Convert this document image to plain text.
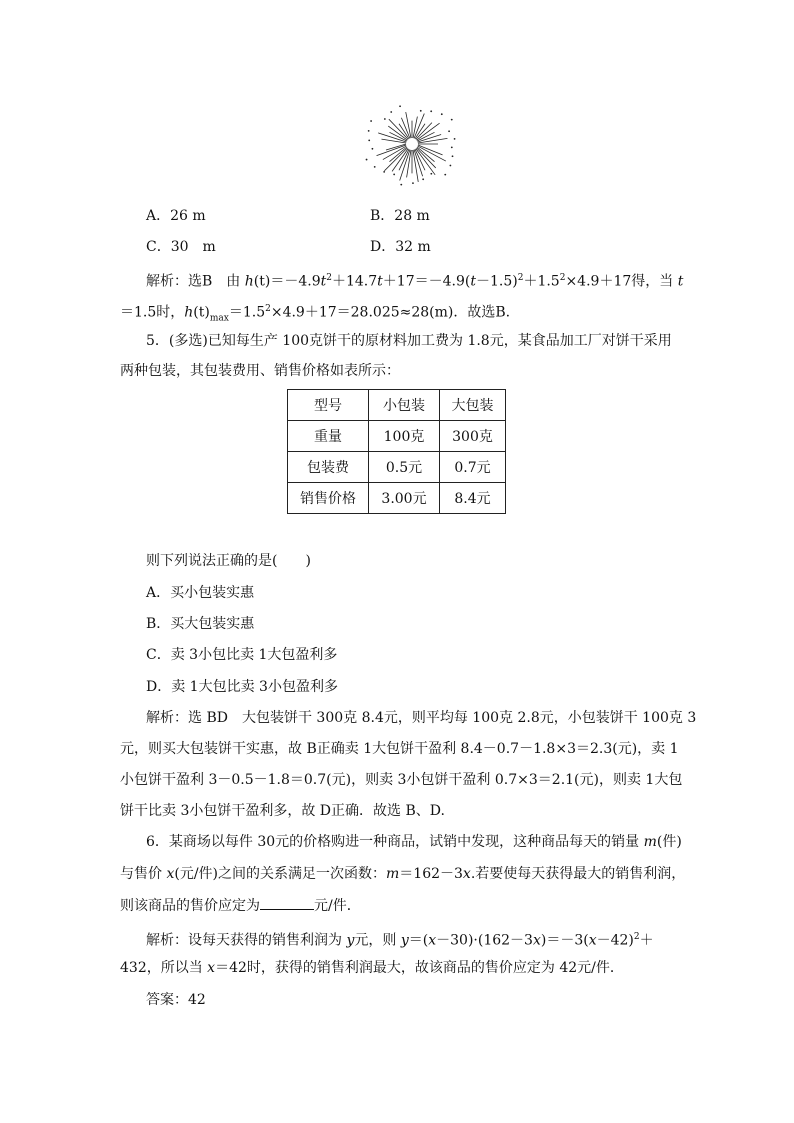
A．26 m	B．28 m
C．30　m	D．32 m
解析：选B　由 $h(t)=-4.9t^2+14.7t+17=-4.9(t-1.5)^2+1.5^2\times 4.9+17$得，当 t
＝1.5时，$h(t)_{max}=1.5^2\times 4.9+17=28.025\approx 28(m)$．故选B.
5．(多选)已知每生产 100克饼干的原材料加工费为 1.8元，某食品加工厂对饼干采用
两种包装，其包装费用、销售价格如表所示：
型号	小包装	大包装
重量	100克	300克
包装费	0.5元	0.7元
销售价格	3.00元	8.4元
则下列说法正确的是(　　)
A．买小包装实惠
B．买大包装实惠
C．卖 3小包比卖 1大包盈利多
D．卖 1大包比卖 3小包盈利多
解析：选 BD　大包装饼干 300克 8.4元，则平均每 100克 2.8元，小包装饼干 100克 3
元，则买大包装饼干实惠，故 B正确卖 1大包饼干盈利 8.4－0.7－1.8×3＝2.3(元)，卖 1
小包饼干盈利 3－0.5－1.8＝0.7(元)，则卖 3小包饼干盈利 0.7×3＝2.1(元)，则卖 1大包
饼干比卖 3小包饼干盈利多，故 D正确．故选 B、D.
6．某商场以每件 30元的价格购进一种商品，试销中发现，这种商品每天的销量 m(件)
与售价 x(元/件)之间的关系满足一次函数：m＝162－3x.若要使每天获得最大的销售利润，
则该商品的售价应定为	元/件．
解析：设每天获得的销售利润为 y元，则 $y=(x-30)\cdot(162-3x)=-3(x-42)^2+$
432，所以当 x＝42时，获得的销售利润最大，故该商品的售价应定为 42元/件．
答案：42
